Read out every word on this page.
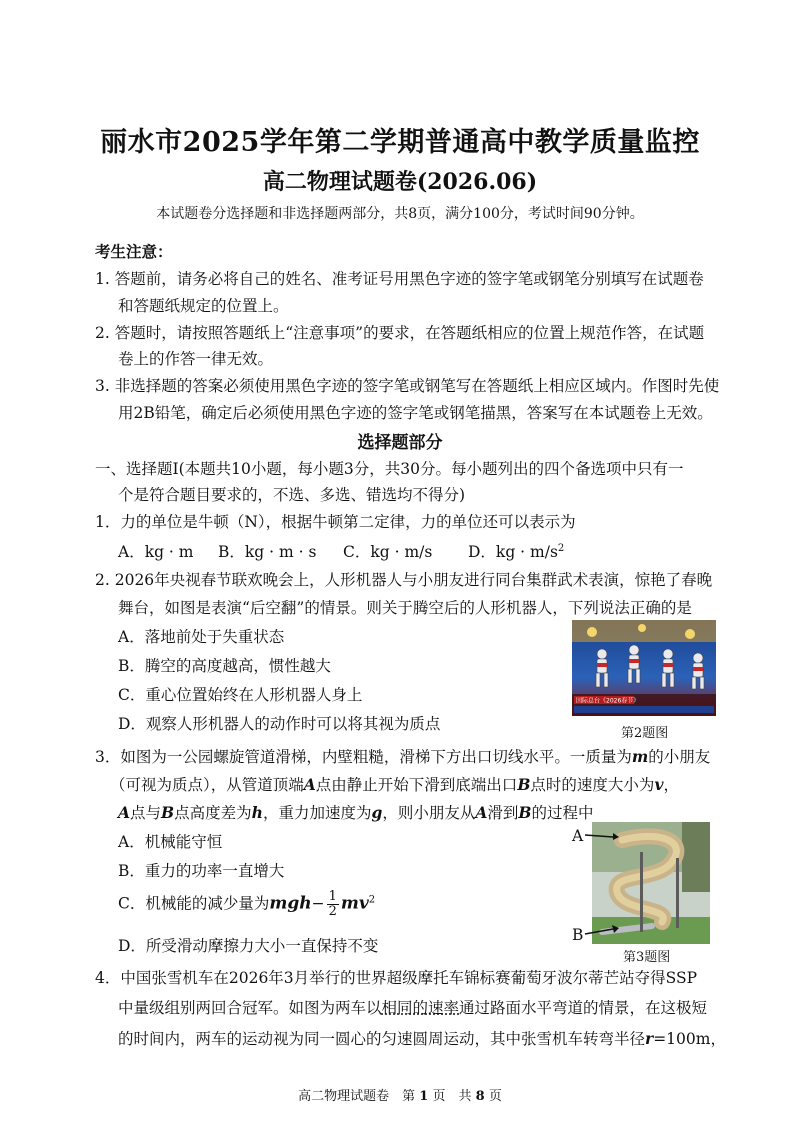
丽水市2025学年第二学期普通高中教学质量监控
高二物理试题卷(2026.06)
本试题卷分选择题和非选择题两部分，共8页，满分100分，考试时间90分钟。
考生注意：
1. 答题前，请务必将自己的姓名、准考证号用黑色字迹的签字笔或钢笔分别填写在试题卷
和答题纸规定的位置上。
2. 答题时，请按照答题纸上“注意事项”的要求，在答题纸相应的位置上规范作答，在试题
卷上的作答一律无效。
3. 非选择题的答案必须使用黑色字迹的签字笔或钢笔写在答题纸上相应区域内。作图时先使
用2B铅笔，确定后必须使用黑色字迹的签字笔或钢笔描黑，答案写在本试题卷上无效。
选择题部分
一、选择题Ⅰ(本题共10小题，每小题3分，共30分。每小题列出的四个备选项中只有一
个是符合题目要求的，不选、多选、错选均不得分)
1．力的单位是牛顿（N），根据牛顿第二定律，力的单位还可以表示为
A．kg · m B．kg · m · s C．kg · m/s D．kg · $m/s^2$
2. 2026年央视春节联欢晚会上，人形机器人与小朋友进行同台集群武术表演，惊艳了春晚
舞台，如图是表演“后空翻”的情景。则关于腾空后的人形机器人，下列说法正确的是
A．落地前处于失重状态
B．腾空的高度越高，惯性越大
C．重心位置始终在人形机器人身上
D．观察人形机器人的动作时可以将其视为质点
国际总台《2026春节》
第2题图
3．如图为一公园螺旋管道滑梯，内壁粗糙，滑梯下方出口切线水平。一质量为m的小朋友
（可视为质点），从管道顶端A点由静止开始下滑到底端出口B点时的速度大小为v，
A点与B点高度差为h，重力加速度为g，则小朋友从A滑到B的过程中
A．机械能守恒
B．重力的功率一直增大
C．机械能的减少量为$mgh- \frac{1}{2} mv^2$
D．所受滑动摩擦力大小一直保持不变
A
B
第3题图
4．中国张雪机车在2026年3月举行的世界超级摩托车锦标赛葡萄牙波尔蒂芒站夺得SSP
中量级组别两回合冠军。如图为两车以相同的速率通过路面水平弯道的情景，在这极短
的时间内，两车的运动视为同一圆心的匀速圆周运动，其中张雪机车转弯半径r=100m，
高二物理试题卷　第 1 页　共 8 页
